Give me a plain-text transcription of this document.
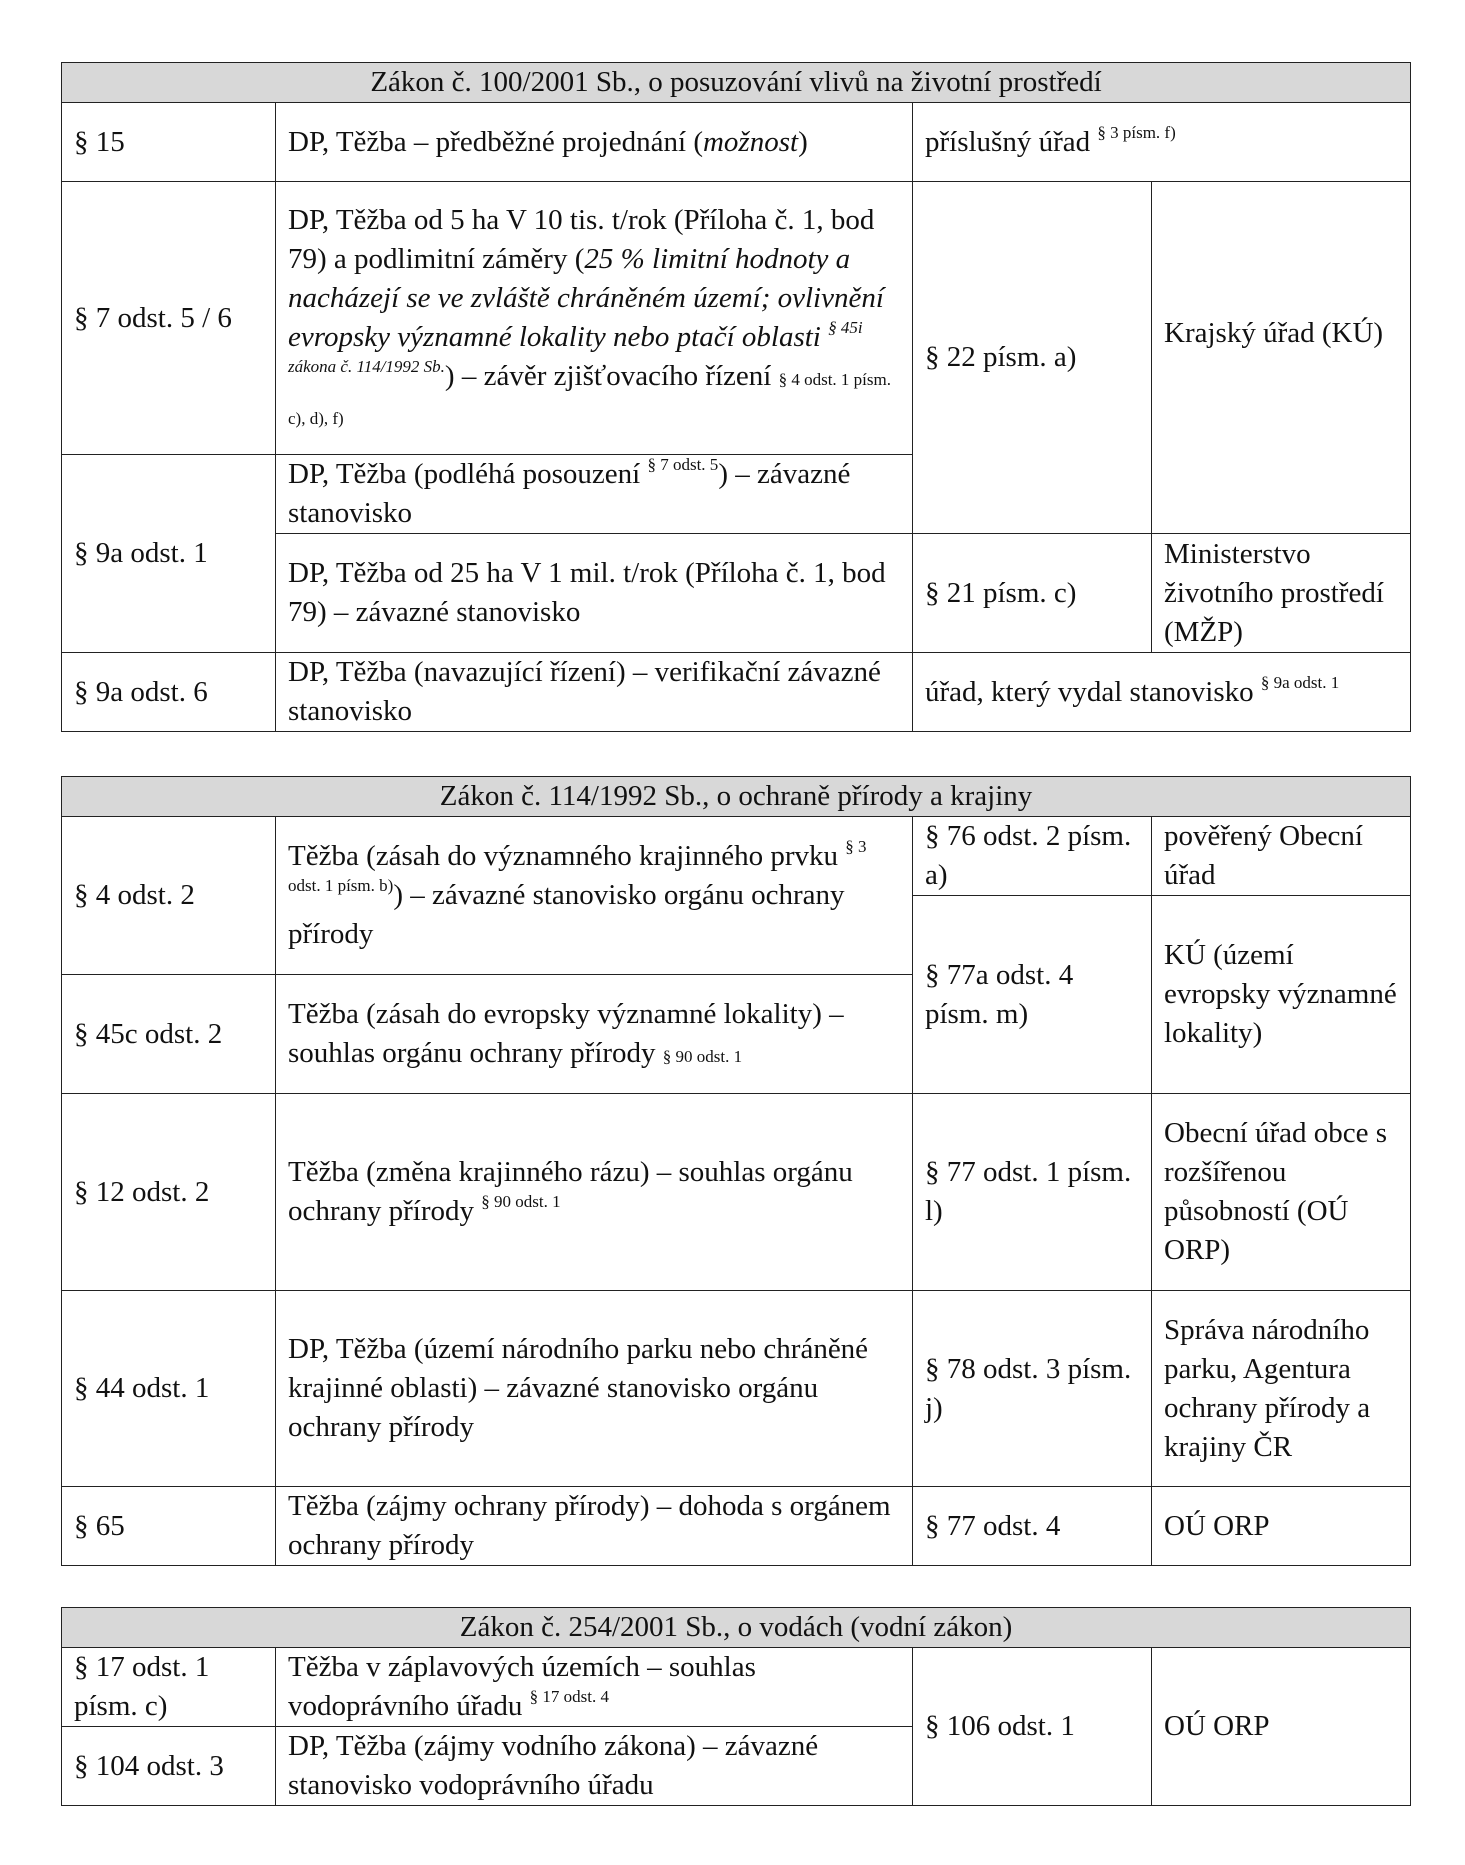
Zákon č. 100/2001 Sb., o posuzování vlivů na životní prostředí			
§ 15	DP, Těžba – předběžné projednání (možnost)	příslušný úřad $^{\S 3 písm. f)}$
§ 7 odst. 5 / 6	DP, Těžba od 5 ha V 10 tis. t/rok (Příloha č. 1, bod 79) a podlimitní záměry (25 % limitní hodnoty a nacházejí se ve zvláště chráněném území; ovlivnění evropsky významné lokality nebo ptačí oblasti $^{\S 45i zákona č. 114/1992 Sb.}$) – závěr zjišťovacího řízení § 4 odst. 1 písm. c), d), f)	§ 22 písm. a)	Krajský úřad (KÚ)
§ 9a odst. 1	DP, Těžba (podléhá posouzení $^{\S 7 odst. 5}$) – závazné stanovisko		
	DP, Těžba od 25 ha V 1 mil. t/rok (Příloha č. 1, bod 79) – závazné stanovisko	§ 21 písm. c)	Ministerstvo životního prostředí (MŽP)
§ 9a odst. 6	DP, Těžba (navazující řízení) – verifikační závazné stanovisko	úřad, který vydal stanovisko $^{\S 9a odst. 1}$
Zákon č. 114/1992 Sb., o ochraně přírody a krajiny			
§ 4 odst. 2	Těžba (zásah do významného krajinného prvku $^{\S 3 odst. 1 písm. b)}$) – závazné stanovisko orgánu ochrany přírody	§ 76 odst. 2 písm. a)	pověřený Obecní úřad
		§ 77a odst. 4 písm. m)	KÚ (území evropsky významné lokality)
§ 45c odst. 2	Těžba (zásah do evropsky významné lokality) – souhlas orgánu ochrany přírody § 90 odst. 1		
§ 12 odst. 2	Těžba (změna krajinného rázu) – souhlas orgánu ochrany přírody $^{\S 90 odst. 1}$	§ 77 odst. 1 písm. l)	Obecní úřad obce s rozšířenou působností (OÚ ORP)
§ 44 odst. 1	DP, Těžba (území národního parku nebo chráněné krajinné oblasti) – závazné stanovisko orgánu ochrany přírody	§ 78 odst. 3 písm. j)	Správa národního parku, Agentura ochrany přírody a krajiny ČR
§ 65	Těžba (zájmy ochrany přírody) – dohoda s orgánem ochrany přírody	§ 77 odst. 4	OÚ ORP
Zákon č. 254/2001 Sb., o vodách (vodní zákon)			
§ 17 odst. 1 písm. c)	Těžba v záplavových územích – souhlas vodoprávního úřadu $^{\S 17 odst. 4}$	§ 106 odst. 1	OÚ ORP
§ 104 odst. 3	DP, Těžba (zájmy vodního zákona) – závazné stanovisko vodoprávního úřadu		
